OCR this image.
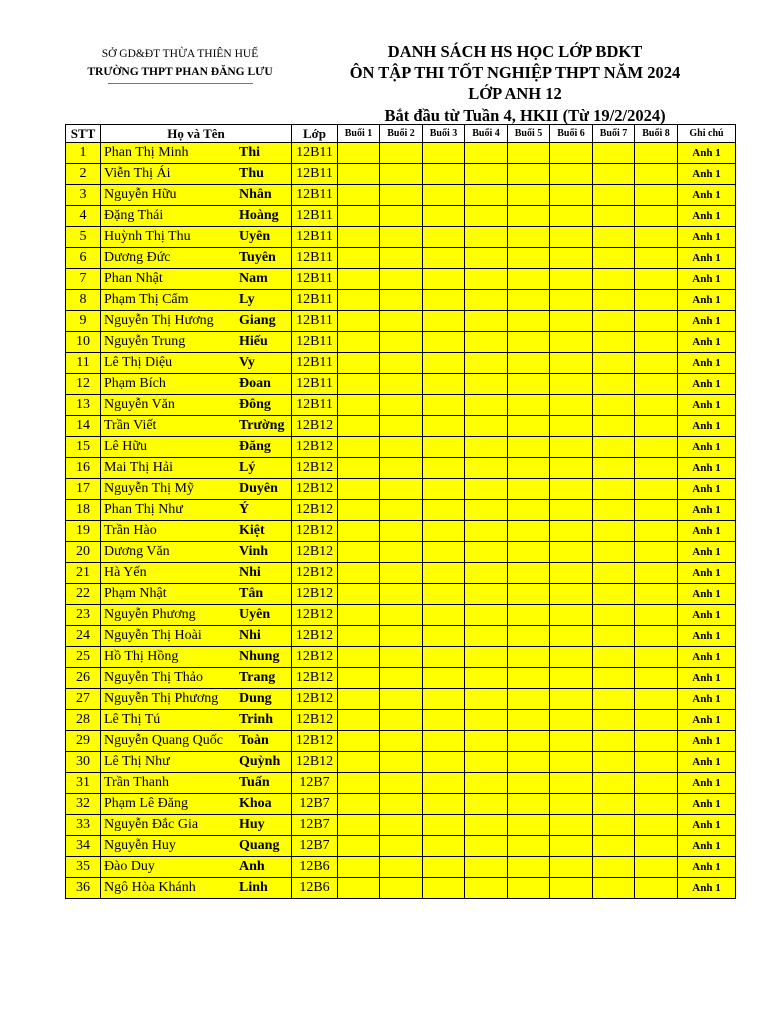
SỞ GD&ĐT THỪA THIÊN HUẾ
TRƯỜNG THPT PHAN ĐĂNG LƯU
DANH SÁCH HS HỌC LỚP BDKT
ÔN TẬP THI TỐT NGHIỆP THPT NĂM 2024
LỚP ANH 12
Bắt đầu từ Tuần 4, HKII (Từ 19/2/2024)
STT	Họ và Tên	Lớp	Buổi 1	Buổi 2	Buổi 3	Buổi 4	Buổi 5	Buổi 6	Buổi 7	Buổi 8	Ghi chú
1	Phan Thị Minh Thi	12B11									Anh 1
2	Viễn Thị Ái Thu	12B11									Anh 1
3	Nguyễn Hữu Nhân	12B11									Anh 1
4	Đặng Thái Hoàng	12B11									Anh 1
5	Huỳnh Thị Thu Uyên	12B11									Anh 1
6	Dương Đức Tuyên	12B11									Anh 1
7	Phan Nhật Nam	12B11									Anh 1
8	Phạm Thị Cẩm Ly	12B11									Anh 1
9	Nguyễn Thị Hương Giang	12B11									Anh 1
10	Nguyễn Trung Hiếu	12B11									Anh 1
11	Lê Thị Diệu Vy	12B11									Anh 1
12	Phạm Bích Đoan	12B11									Anh 1
13	Nguyễn Văn Đông	12B11									Anh 1
14	Trần Viết Trường	12B12									Anh 1
15	Lê Hữu Đăng	12B12									Anh 1
16	Mai Thị Hải Lý	12B12									Anh 1
17	Nguyễn Thị Mỹ Duyên	12B12									Anh 1
18	Phan Thị Như Ý	12B12									Anh 1
19	Trần Hào Kiệt	12B12									Anh 1
20	Dương Văn Vinh	12B12									Anh 1
21	Hà Yến Nhi	12B12									Anh 1
22	Phạm Nhật Tân	12B12									Anh 1
23	Nguyễn Phương Uyên	12B12									Anh 1
24	Nguyễn Thị Hoài Nhi	12B12									Anh 1
25	Hồ Thị Hồng Nhung	12B12									Anh 1
26	Nguyễn Thị Thảo Trang	12B12									Anh 1
27	Nguyễn Thị Phương Dung	12B12									Anh 1
28	Lê Thị Tú Trinh	12B12									Anh 1
29	Nguyễn Quang Quốc Toàn	12B12									Anh 1
30	Lê Thị Như Quỳnh	12B12									Anh 1
31	Trần Thanh Tuấn	12B7									Anh 1
32	Phạm Lê Đăng Khoa	12B7									Anh 1
33	Nguyễn Đắc Gia Huy	12B7									Anh 1
34	Nguyễn Huy Quang	12B7									Anh 1
35	Đào Duy Anh	12B6									Anh 1
36	Ngô Hòa Khánh Linh	12B6									Anh 1
